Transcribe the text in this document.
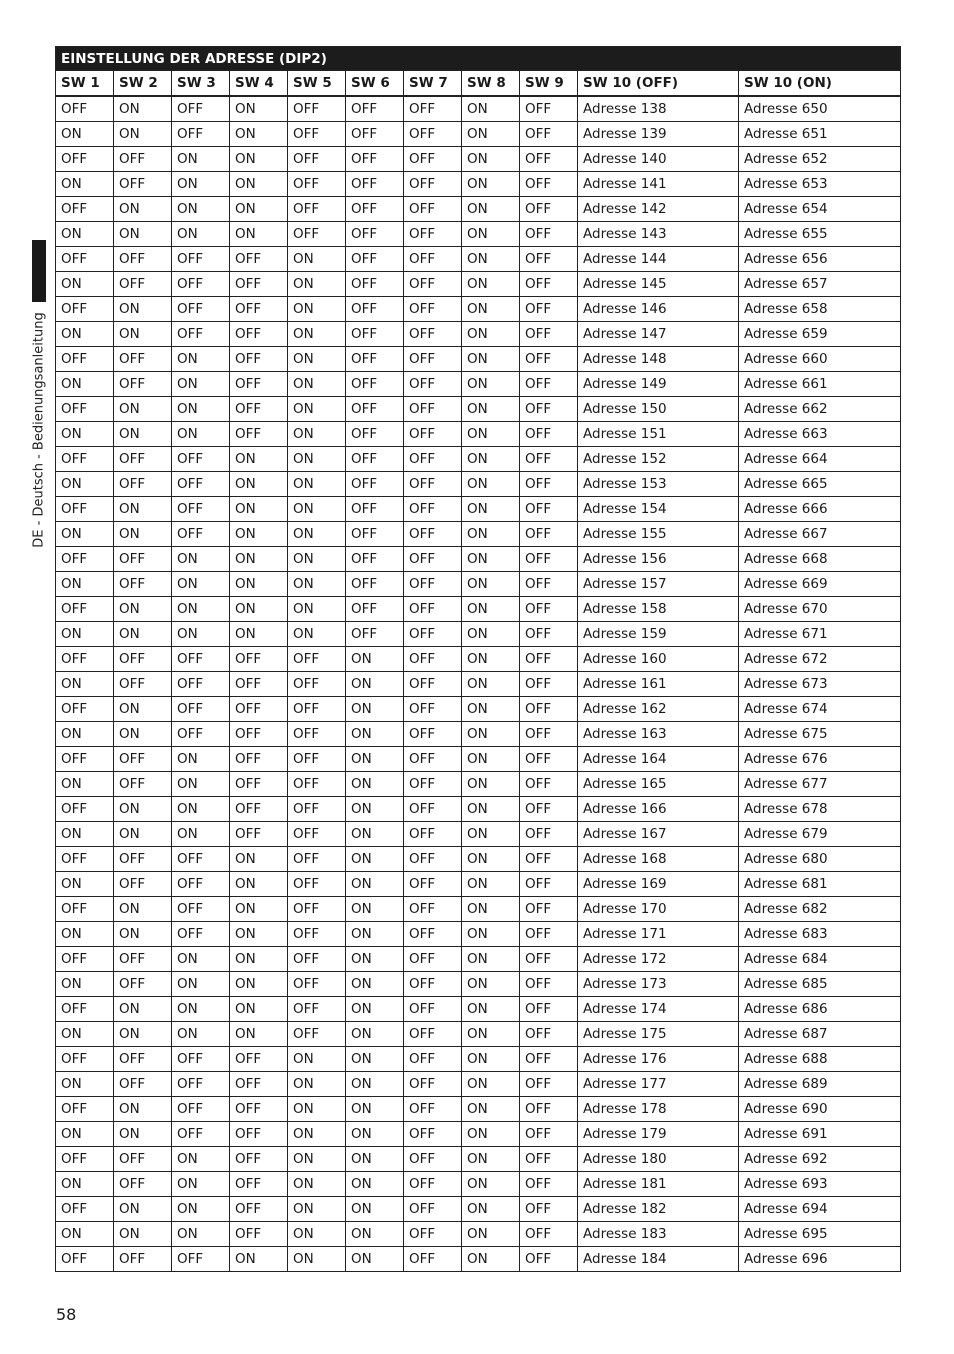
DE - Deutsch - Bedienungsanleitung
EINSTELLUNG DER ADRESSE (DIP2)										
SW 1	SW 2	SW 3	SW 4	SW 5	SW 6	SW 7	SW 8	SW 9	SW 10 (OFF)	SW 10 (ON)
OFF	ON	OFF	ON	OFF	OFF	OFF	ON	OFF	Adresse 138	Adresse 650
ON	ON	OFF	ON	OFF	OFF	OFF	ON	OFF	Adresse 139	Adresse 651
OFF	OFF	ON	ON	OFF	OFF	OFF	ON	OFF	Adresse 140	Adresse 652
ON	OFF	ON	ON	OFF	OFF	OFF	ON	OFF	Adresse 141	Adresse 653
OFF	ON	ON	ON	OFF	OFF	OFF	ON	OFF	Adresse 142	Adresse 654
ON	ON	ON	ON	OFF	OFF	OFF	ON	OFF	Adresse 143	Adresse 655
OFF	OFF	OFF	OFF	ON	OFF	OFF	ON	OFF	Adresse 144	Adresse 656
ON	OFF	OFF	OFF	ON	OFF	OFF	ON	OFF	Adresse 145	Adresse 657
OFF	ON	OFF	OFF	ON	OFF	OFF	ON	OFF	Adresse 146	Adresse 658
ON	ON	OFF	OFF	ON	OFF	OFF	ON	OFF	Adresse 147	Adresse 659
OFF	OFF	ON	OFF	ON	OFF	OFF	ON	OFF	Adresse 148	Adresse 660
ON	OFF	ON	OFF	ON	OFF	OFF	ON	OFF	Adresse 149	Adresse 661
OFF	ON	ON	OFF	ON	OFF	OFF	ON	OFF	Adresse 150	Adresse 662
ON	ON	ON	OFF	ON	OFF	OFF	ON	OFF	Adresse 151	Adresse 663
OFF	OFF	OFF	ON	ON	OFF	OFF	ON	OFF	Adresse 152	Adresse 664
ON	OFF	OFF	ON	ON	OFF	OFF	ON	OFF	Adresse 153	Adresse 665
OFF	ON	OFF	ON	ON	OFF	OFF	ON	OFF	Adresse 154	Adresse 666
ON	ON	OFF	ON	ON	OFF	OFF	ON	OFF	Adresse 155	Adresse 667
OFF	OFF	ON	ON	ON	OFF	OFF	ON	OFF	Adresse 156	Adresse 668
ON	OFF	ON	ON	ON	OFF	OFF	ON	OFF	Adresse 157	Adresse 669
OFF	ON	ON	ON	ON	OFF	OFF	ON	OFF	Adresse 158	Adresse 670
ON	ON	ON	ON	ON	OFF	OFF	ON	OFF	Adresse 159	Adresse 671
OFF	OFF	OFF	OFF	OFF	ON	OFF	ON	OFF	Adresse 160	Adresse 672
ON	OFF	OFF	OFF	OFF	ON	OFF	ON	OFF	Adresse 161	Adresse 673
OFF	ON	OFF	OFF	OFF	ON	OFF	ON	OFF	Adresse 162	Adresse 674
ON	ON	OFF	OFF	OFF	ON	OFF	ON	OFF	Adresse 163	Adresse 675
OFF	OFF	ON	OFF	OFF	ON	OFF	ON	OFF	Adresse 164	Adresse 676
ON	OFF	ON	OFF	OFF	ON	OFF	ON	OFF	Adresse 165	Adresse 677
OFF	ON	ON	OFF	OFF	ON	OFF	ON	OFF	Adresse 166	Adresse 678
ON	ON	ON	OFF	OFF	ON	OFF	ON	OFF	Adresse 167	Adresse 679
OFF	OFF	OFF	ON	OFF	ON	OFF	ON	OFF	Adresse 168	Adresse 680
ON	OFF	OFF	ON	OFF	ON	OFF	ON	OFF	Adresse 169	Adresse 681
OFF	ON	OFF	ON	OFF	ON	OFF	ON	OFF	Adresse 170	Adresse 682
ON	ON	OFF	ON	OFF	ON	OFF	ON	OFF	Adresse 171	Adresse 683
OFF	OFF	ON	ON	OFF	ON	OFF	ON	OFF	Adresse 172	Adresse 684
ON	OFF	ON	ON	OFF	ON	OFF	ON	OFF	Adresse 173	Adresse 685
OFF	ON	ON	ON	OFF	ON	OFF	ON	OFF	Adresse 174	Adresse 686
ON	ON	ON	ON	OFF	ON	OFF	ON	OFF	Adresse 175	Adresse 687
OFF	OFF	OFF	OFF	ON	ON	OFF	ON	OFF	Adresse 176	Adresse 688
ON	OFF	OFF	OFF	ON	ON	OFF	ON	OFF	Adresse 177	Adresse 689
OFF	ON	OFF	OFF	ON	ON	OFF	ON	OFF	Adresse 178	Adresse 690
ON	ON	OFF	OFF	ON	ON	OFF	ON	OFF	Adresse 179	Adresse 691
OFF	OFF	ON	OFF	ON	ON	OFF	ON	OFF	Adresse 180	Adresse 692
ON	OFF	ON	OFF	ON	ON	OFF	ON	OFF	Adresse 181	Adresse 693
OFF	ON	ON	OFF	ON	ON	OFF	ON	OFF	Adresse 182	Adresse 694
ON	ON	ON	OFF	ON	ON	OFF	ON	OFF	Adresse 183	Adresse 695
OFF	OFF	OFF	ON	ON	ON	OFF	ON	OFF	Adresse 184	Adresse 696
58
